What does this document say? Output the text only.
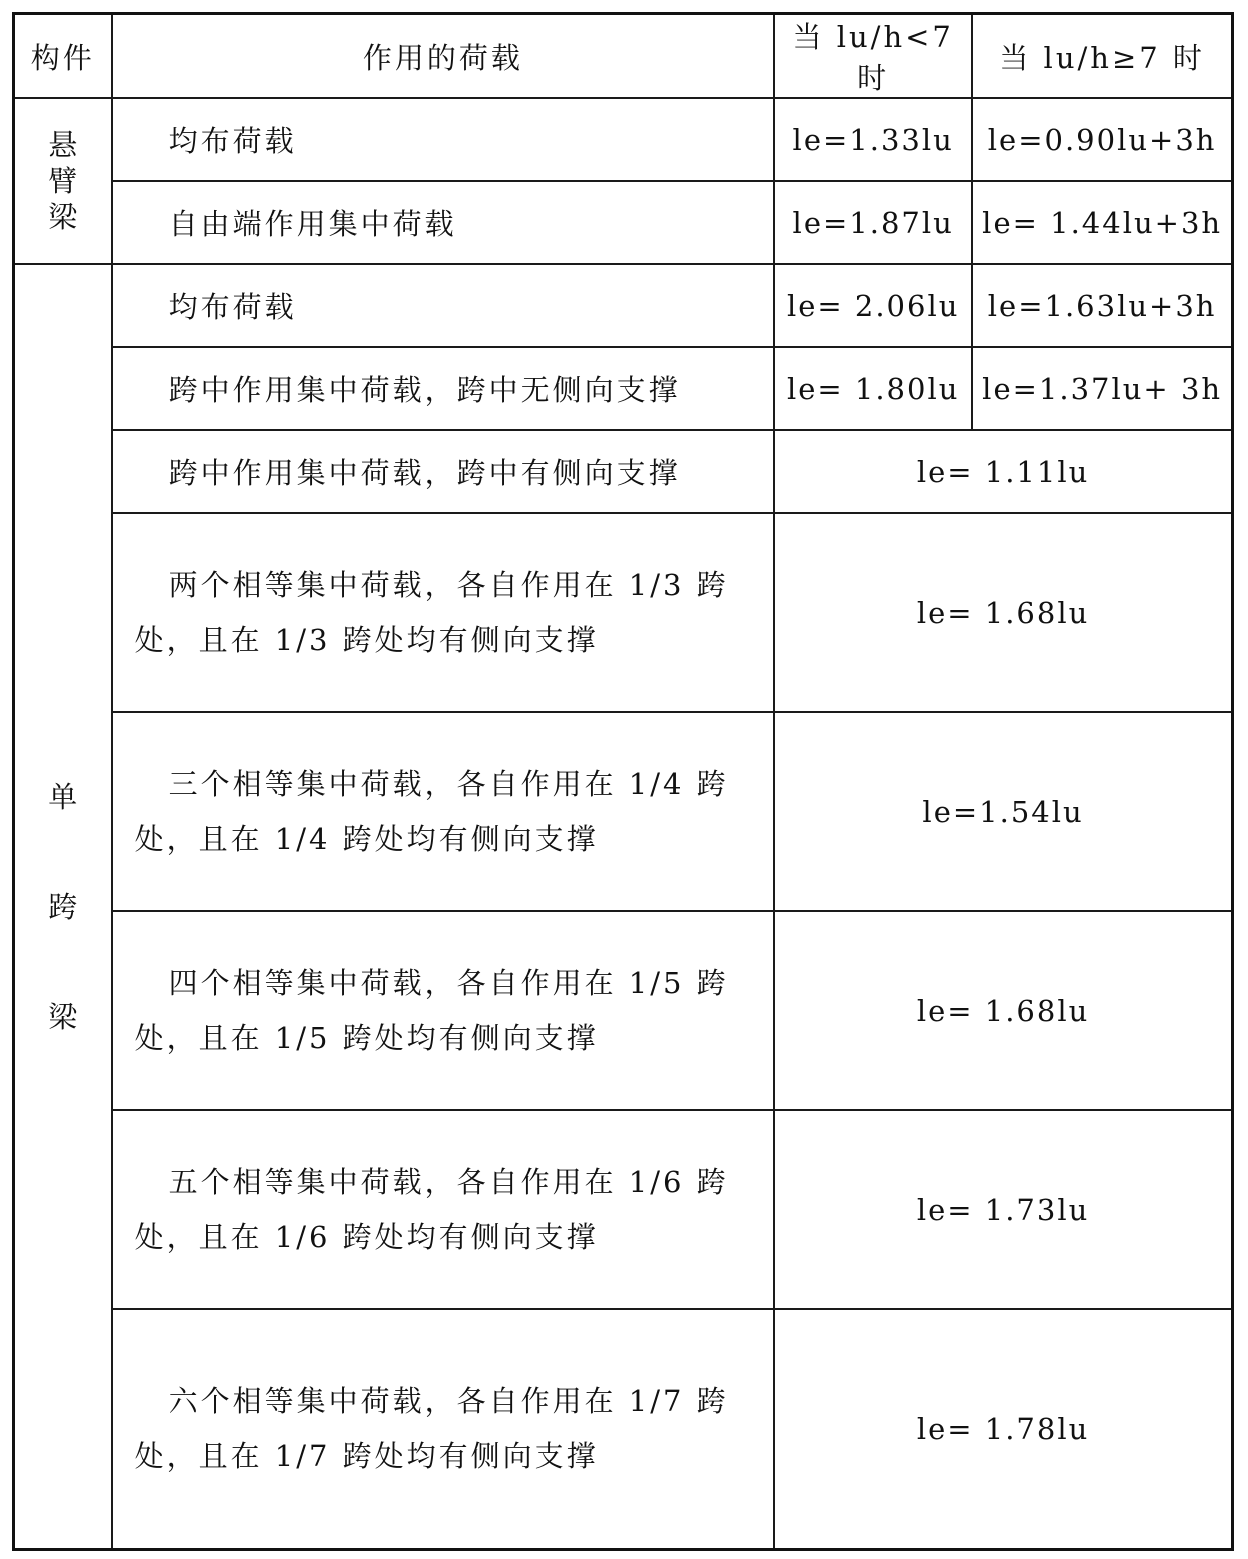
构件	作用的荷载	当 lu/h<7 时	当 lu/h≥7 时
悬臂梁	均布荷载	le=1.33lu	le=0.90lu+3h
	自由端作用集中荷载	le=1.87lu	le= 1.44lu+3h
单跨梁	均布荷载	le= 2.06lu	le=1.63lu+3h
	跨中作用集中荷载，跨中无侧向支撑	le= 1.80lu	le=1.37lu+ 3h
	跨中作用集中荷载，跨中有侧向支撑	le= 1.11lu	
	两个相等集中荷载，各自作用在 1/3 跨处，且在 1/3 跨处均有侧向支撑	le= 1.68lu	
	三个相等集中荷载，各自作用在 1/4 跨处，且在 1/4 跨处均有侧向支撑	le=1.54lu	
	四个相等集中荷载，各自作用在 1/5 跨处，且在 1/5 跨处均有侧向支撑	le= 1.68lu	
	五个相等集中荷载，各自作用在 1/6 跨处，且在 1/6 跨处均有侧向支撑	le= 1.73lu	
	六个相等集中荷载，各自作用在 1/7 跨处，且在 1/7 跨处均有侧向支撑	le= 1.78lu	
